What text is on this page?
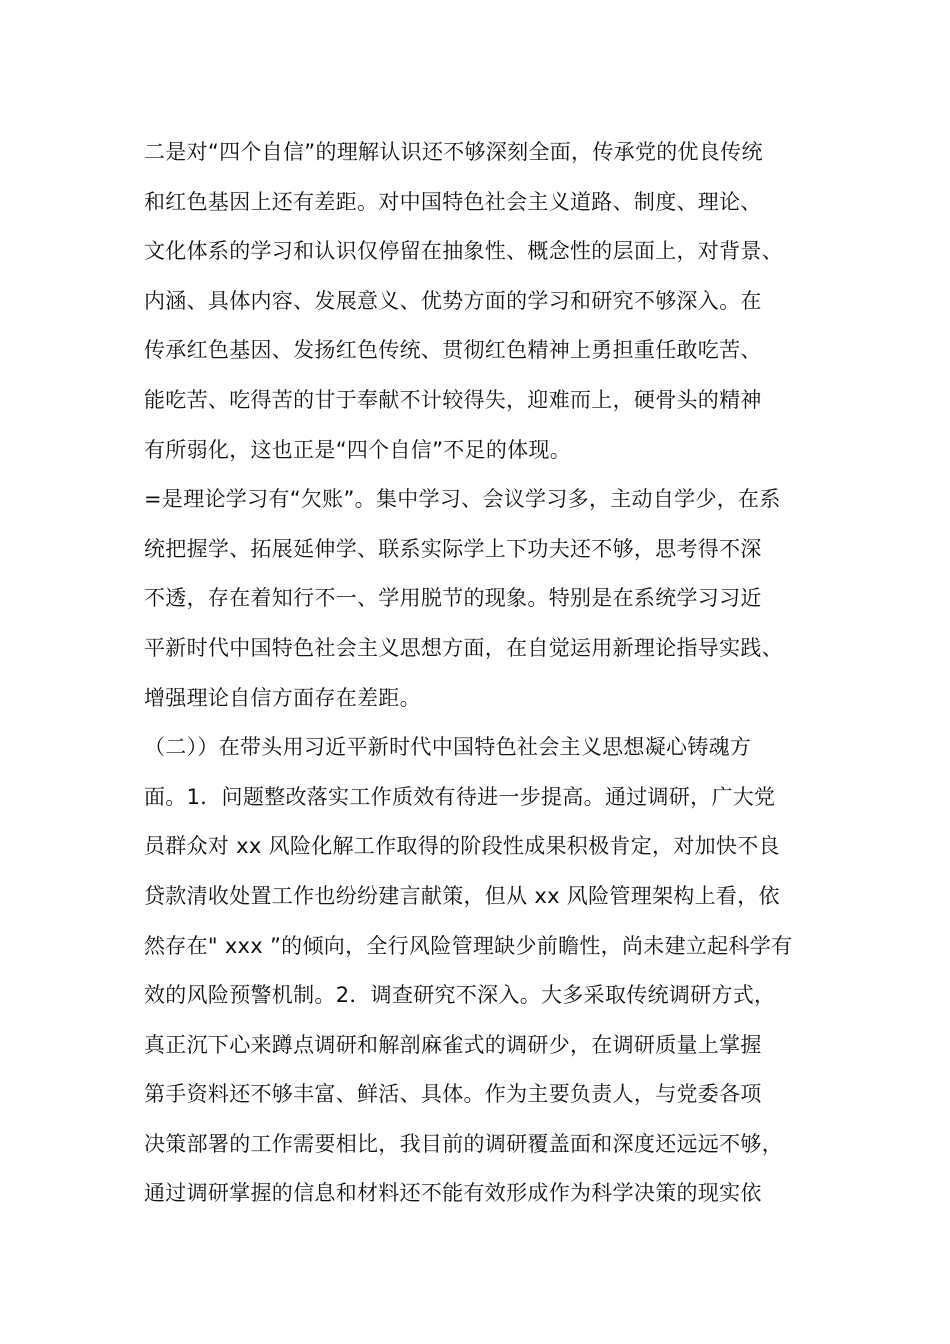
二是对“四个自信”的理解认识还不够深刻全面，传承党的优良传统
和红色基因上还有差距。对中国特色社会主义道路、制度、理论、
文化体系的学习和认识仅停留在抽象性、概念性的层面上，对背景、
内涵、具体内容、发展意义、优势方面的学习和研究不够深入。在
传承红色基因、发扬红色传统、贯彻红色精神上勇担重任敢吃苦、
能吃苦、吃得苦的甘于奉献不计较得失，迎难而上，硬骨头的精神
有所弱化，这也正是“四个自信”不足的体现。
=是理论学习有“欠账”。集中学习、会议学习多，主动自学少，在系
统把握学、拓展延伸学、联系实际学上下功夫还不够，思考得不深
不透，存在着知行不一、学用脱节的现象。特别是在系统学习习近
平新时代中国特色社会主义思想方面，在自觉运用新理论指导实践、
增强理论自信方面存在差距。
（二））在带头用习近平新时代中国特色社会主义思想凝心铸魂方
面。1．问题整改落实工作质效有待进一步提高。通过调研，广大党
员群众对 xx 风险化解工作取得的阶段性成果积极肯定，对加快不良
贷款清收处置工作也纷纷建言献策，但从 xx 风险管理架构上看，依
然存在" xxx ”的倾向，全行风险管理缺少前瞻性，尚未建立起科学有
效的风险预警机制。2．调查研究不深入。大多采取传统调研方式，
真正沉下心来蹲点调研和解剖麻雀式的调研少，在调研质量上掌握
第手资料还不够丰富、鲜活、具体。作为主要负责人，与党委各项
决策部署的工作需要相比，我目前的调研覆盖面和深度还远远不够，
通过调研掌握的信息和材料还不能有效形成作为科学决策的现实依
